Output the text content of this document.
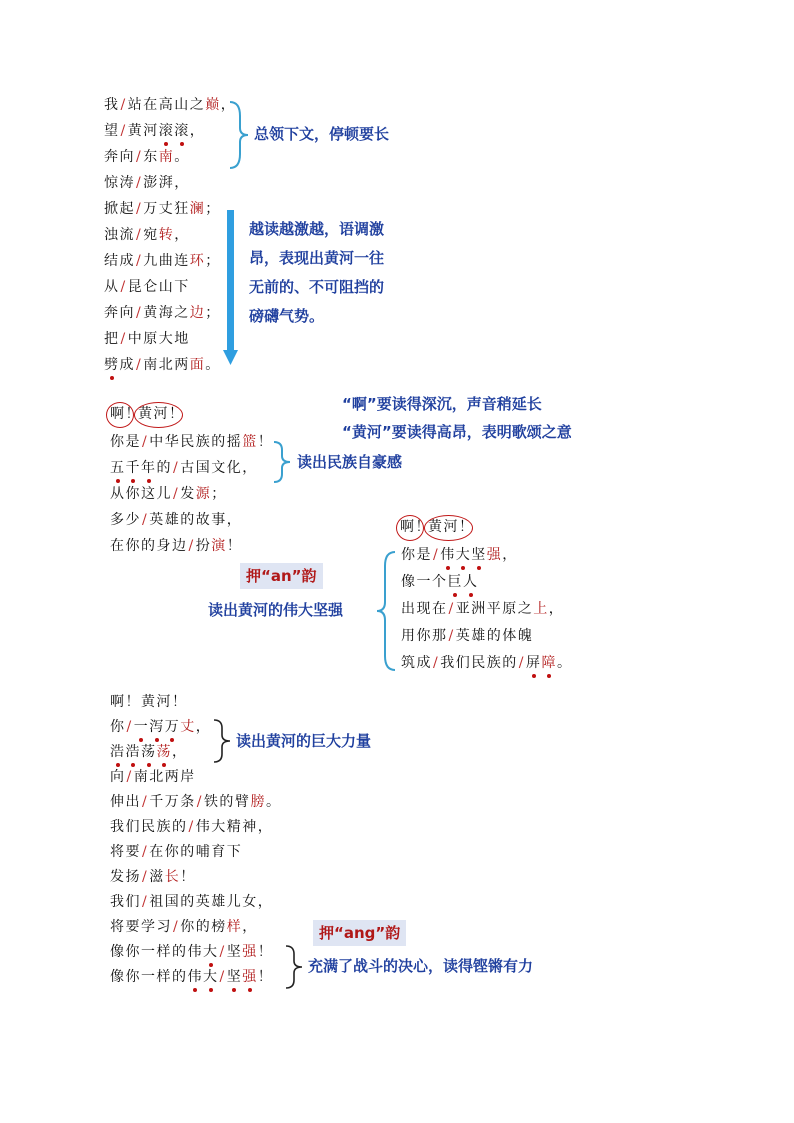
我/站在高山之巅，
望/黄河滚滚，
奔向/东南。
惊涛/澎湃，
掀起/万丈狂澜；
浊流/宛转，
结成/九曲连环；
从/昆仑山下
奔向/黄海之边；
把/中原大地
劈成/南北两面。
总领下文，停顿要长
越读越激越，语调激
昂，表现出黄河一往
无前的、不可阻挡的
磅礴气势。
啊！
黄河！
“啊”要读得深沉，声音稍延长
“黄河”要读得高昂，表明歌颂之意
你是/中华民族的摇篮！
五千年的/古国文化，
从你这儿/发源；
多少/英雄的故事，
在你的身边/扮演！
读出民族自豪感
押“an”韵
啊！
黄河！
读出黄河的伟大坚强
你是/伟大坚强，
像一个巨人
出现在/亚洲平原之上，
用你那/英雄的体魄
筑成/我们民族的/屏障。
啊！黄河！
你/一泻万丈，
浩浩荡荡，
向/南北两岸
伸出/千万条/铁的臂膀。
我们民族的/伟大精神，
将要/在你的哺育下
发扬/滋长！
我们/祖国的英雄儿女，
将要学习/你的榜样，
像你一样的伟大/坚强！
像你一样的伟大/坚强！
读出黄河的巨大力量
押“ang”韵
充满了战斗的决心，读得铿锵有力
